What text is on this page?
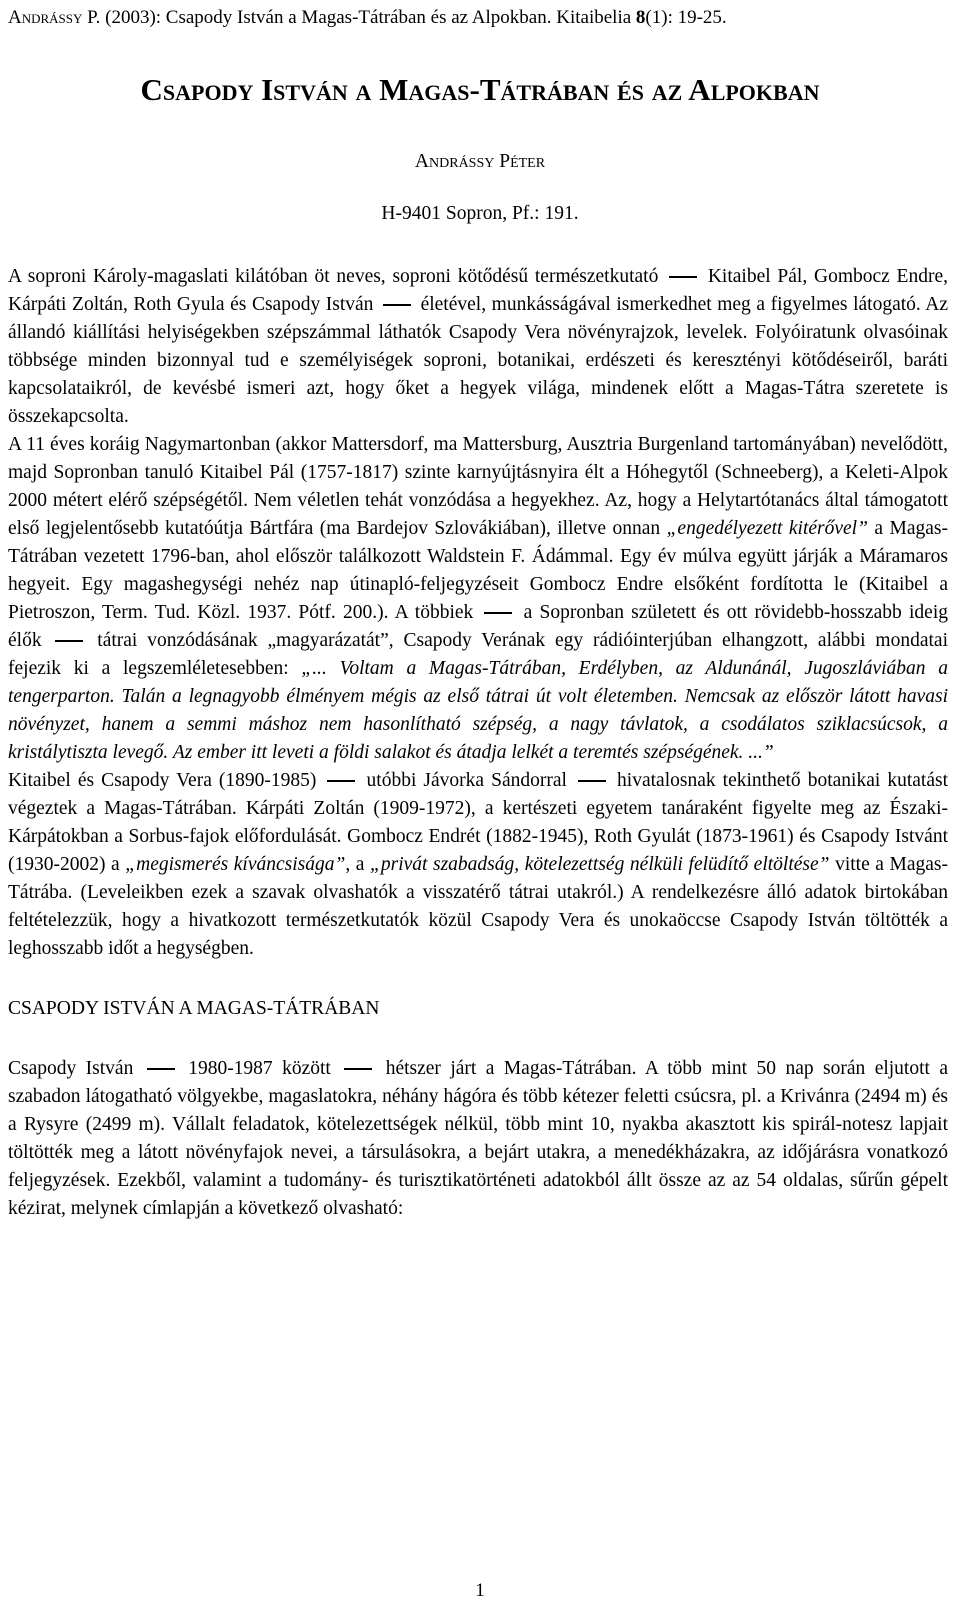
Andrássy P. (2003): Csapody István a Magas-Tátrában és az Alpokban. Kitaibelia 8(1): 19-25.
Csapody István a Magas-Tátrában és az Alpokban
Andrássy Péter
H-9401 Sopron, Pf.: 191.

A soproni Károly-magaslati kilátóban öt neves, soproni kötődésű természetkutató  Kitaibel Pál, Gombocz Endre, Kárpáti Zoltán, Roth Gyula és Csapody István  életével, munkásságával ismerkedhet meg a figyelmes látogató. Az állandó kiállítási helyiségekben szépszámmal láthatók Csapody Vera növényrajzok, levelek. Folyóiratunk olvasóinak többsége minden bizonnyal tud e személyiségek soproni, botanikai, erdészeti és keresztényi kötődéseiről, baráti kapcsolataikról, de kevésbé ismeri azt, hogy őket a hegyek világa, mindenek előtt a Magas-Tátra szeretete is összekapcsolta.

A 11 éves koráig Nagymartonban (akkor Mattersdorf, ma Mattersburg, Ausztria Burgenland tartományában) nevelődött, majd Sopronban tanuló Kitaibel Pál (1757-1817) szinte karnyújtásnyira élt a Hóhegytől (Schneeberg), a Keleti-Alpok 2000 métert elérő szépségétől. Nem véletlen tehát vonzódása a hegyekhez. Az, hogy a Helytartótanács által támogatott első legjelentősebb kutatóútja Bártfára (ma Bardejov Szlovákiában), illetve onnan „engedélyezett kitérővel” a Magas-Tátrában vezetett 1796-ban, ahol először találkozott Waldstein F. Ádámmal. Egy év múlva együtt járják a Máramaros hegyeit. Egy magashegységi nehéz nap útinapló-feljegyzéseit Gombocz Endre elsőként fordította le (Kitaibel a Pietroszon, Term. Tud. Közl. 1937. Pótf. 200.). A többiek  a Sopronban született és ott rövidebb-hosszabb ideig élők  tátrai vonzódásának „magyarázatát”, Csapody Verának egy rádióinterjúban elhangzott, alábbi mondatai fejezik ki a legszemléletesebben: „... Voltam a Magas-Tátrában, Erdélyben, az Aldunánál, Jugoszláviában a tengerparton. Talán a legnagyobb élményem mégis az első tátrai út volt életemben. Nemcsak az először látott havasi növényzet, hanem a semmi máshoz nem hasonlítható szépség, a nagy távlatok, a csodálatos sziklacsúcsok, a kristálytiszta levegő. Az ember itt leveti a földi salakot és átadja lelkét a teremtés szépségének. ...”

Kitaibel és Csapody Vera (1890-1985)  utóbbi Jávorka Sándorral  hivatalosnak tekinthető botanikai kutatást végeztek a Magas-Tátrában. Kárpáti Zoltán (1909-1972), a kertészeti egyetem tanáraként figyelte meg az Északi-Kárpátokban a Sorbus-fajok előfordulását. Gombocz Endrét (1882-1945), Roth Gyulát (1873-1961) és Csapody Istvánt (1930-2002) a „megismerés kíváncsisága”, a „privát szabadság, kötelezettség nélküli felüdítő eltöltése” vitte a Magas-Tátrába. (Leveleikben ezek a szavak olvashatók a visszatérő tátrai utakról.) A rendelkezésre álló adatok birtokában feltételezzük, hogy a hivatkozott természetkutatók közül Csapody Vera és unokaöccse Csapody István töltötték a leghosszabb időt a hegységben.

CSAPODY ISTVÁN A MAGAS-TÁTRÁBAN

Csapody István  1980-1987 között  hétszer járt a Magas-Tátrában. A több mint 50 nap során eljutott a szabadon látogatható völgyekbe, magaslatokra, néhány hágóra és több kétezer feletti csúcsra, pl. a Krivánra (2494 m) és a Rysyre (2499 m). Vállalt feladatok, kötelezettségek nélkül, több mint 10, nyakba akasztott kis spirál-notesz lapjait töltötték meg a látott növényfajok nevei, a társulásokra, a bejárt utakra, a menedékházakra, az időjárásra vonatkozó feljegyzések. Ezekből, valamint a tudomány- és turisztikatörténeti adatokból állt össze az az 54 oldalas, sűrűn gépelt kézirat, melynek címlapján a következő olvasható:

1
